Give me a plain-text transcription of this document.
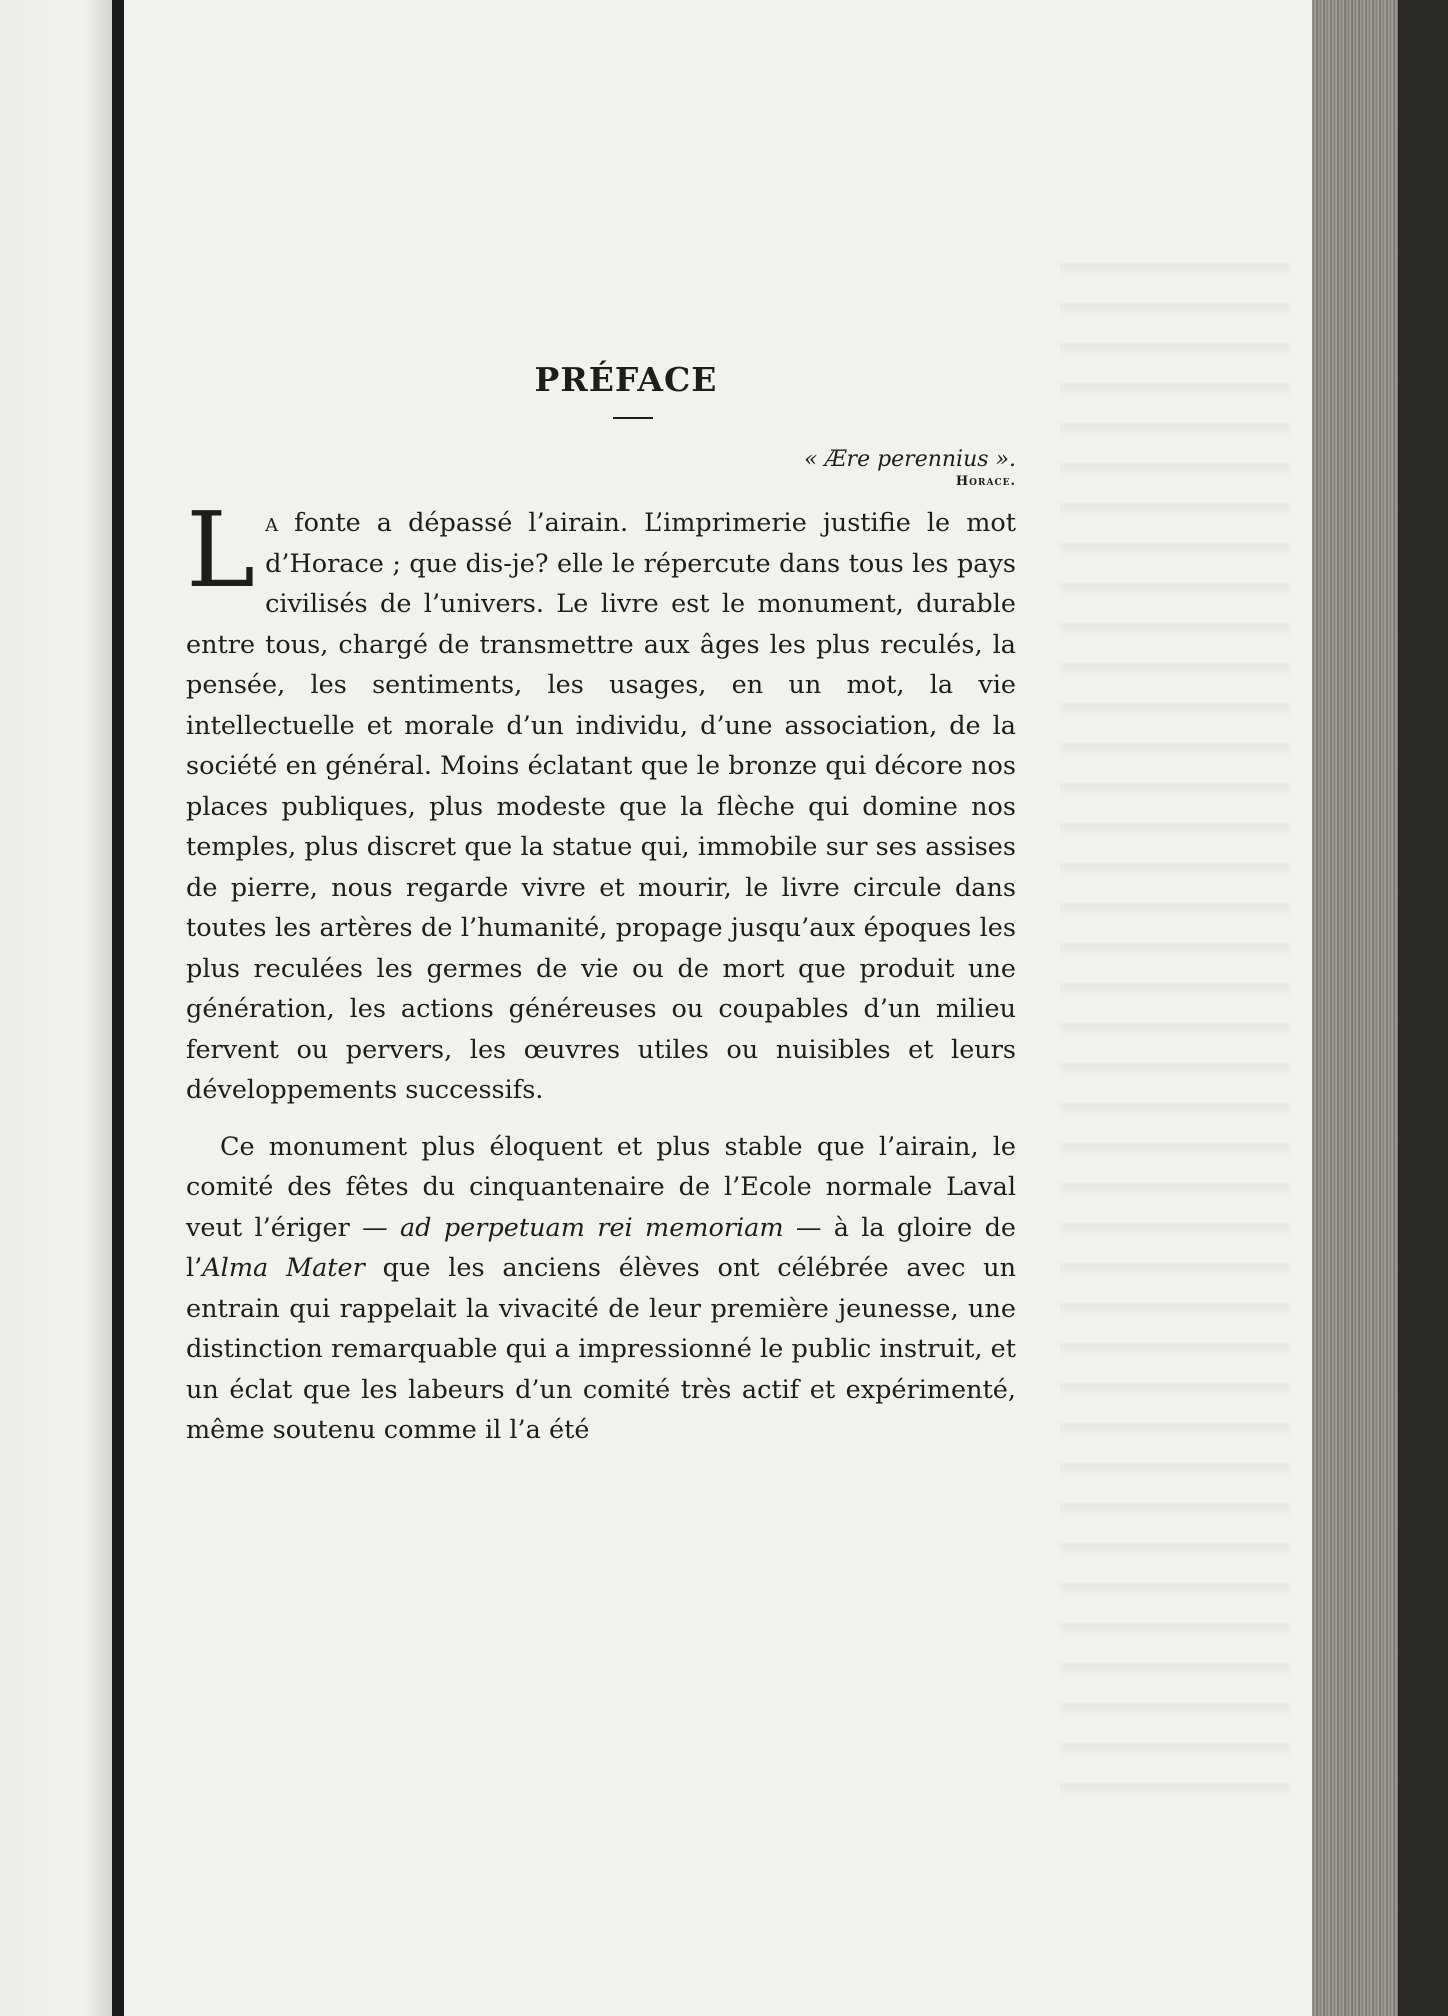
PRÉFACE
« Ære perennius ».
Horace.

La fonte a dépassé l’airain. L’imprimerie justifie le mot d’Horace ; que dis-je? elle le répercute dans tous les pays civilisés de l’univers. Le livre est le monument, durable entre tous, chargé de transmettre aux âges les plus reculés, la pensée, les sentiments, les usages, en un mot, la vie intellectuelle et morale d’un individu, d’une association, de la société en général. Moins éclatant que le bronze qui décore nos places publiques, plus modeste que la flèche qui domine nos temples, plus discret que la statue qui, immobile sur ses assises de pierre, nous regarde vivre et mourir, le livre circule dans toutes les artères de l’humanité, propage jusqu’aux époques les plus reculées les germes de vie ou de mort que produit une génération, les actions généreuses ou coupables d’un milieu fervent ou pervers, les œuvres utiles ou nuisibles et leurs développements successifs.

Ce monument plus éloquent et plus stable que l’airain, le comité des fêtes du cinquantenaire de l’Ecole normale Laval veut l’ériger — ad perpetuam rei memoriam — à la gloire de l’Alma Mater que les anciens élèves ont célébrée avec un entrain qui rappelait la vivacité de leur première jeunesse, une distinction remarquable qui a impressionné le public instruit, et un éclat que les labeurs d’un comité très actif et expérimenté, même soutenu comme il l’a été
